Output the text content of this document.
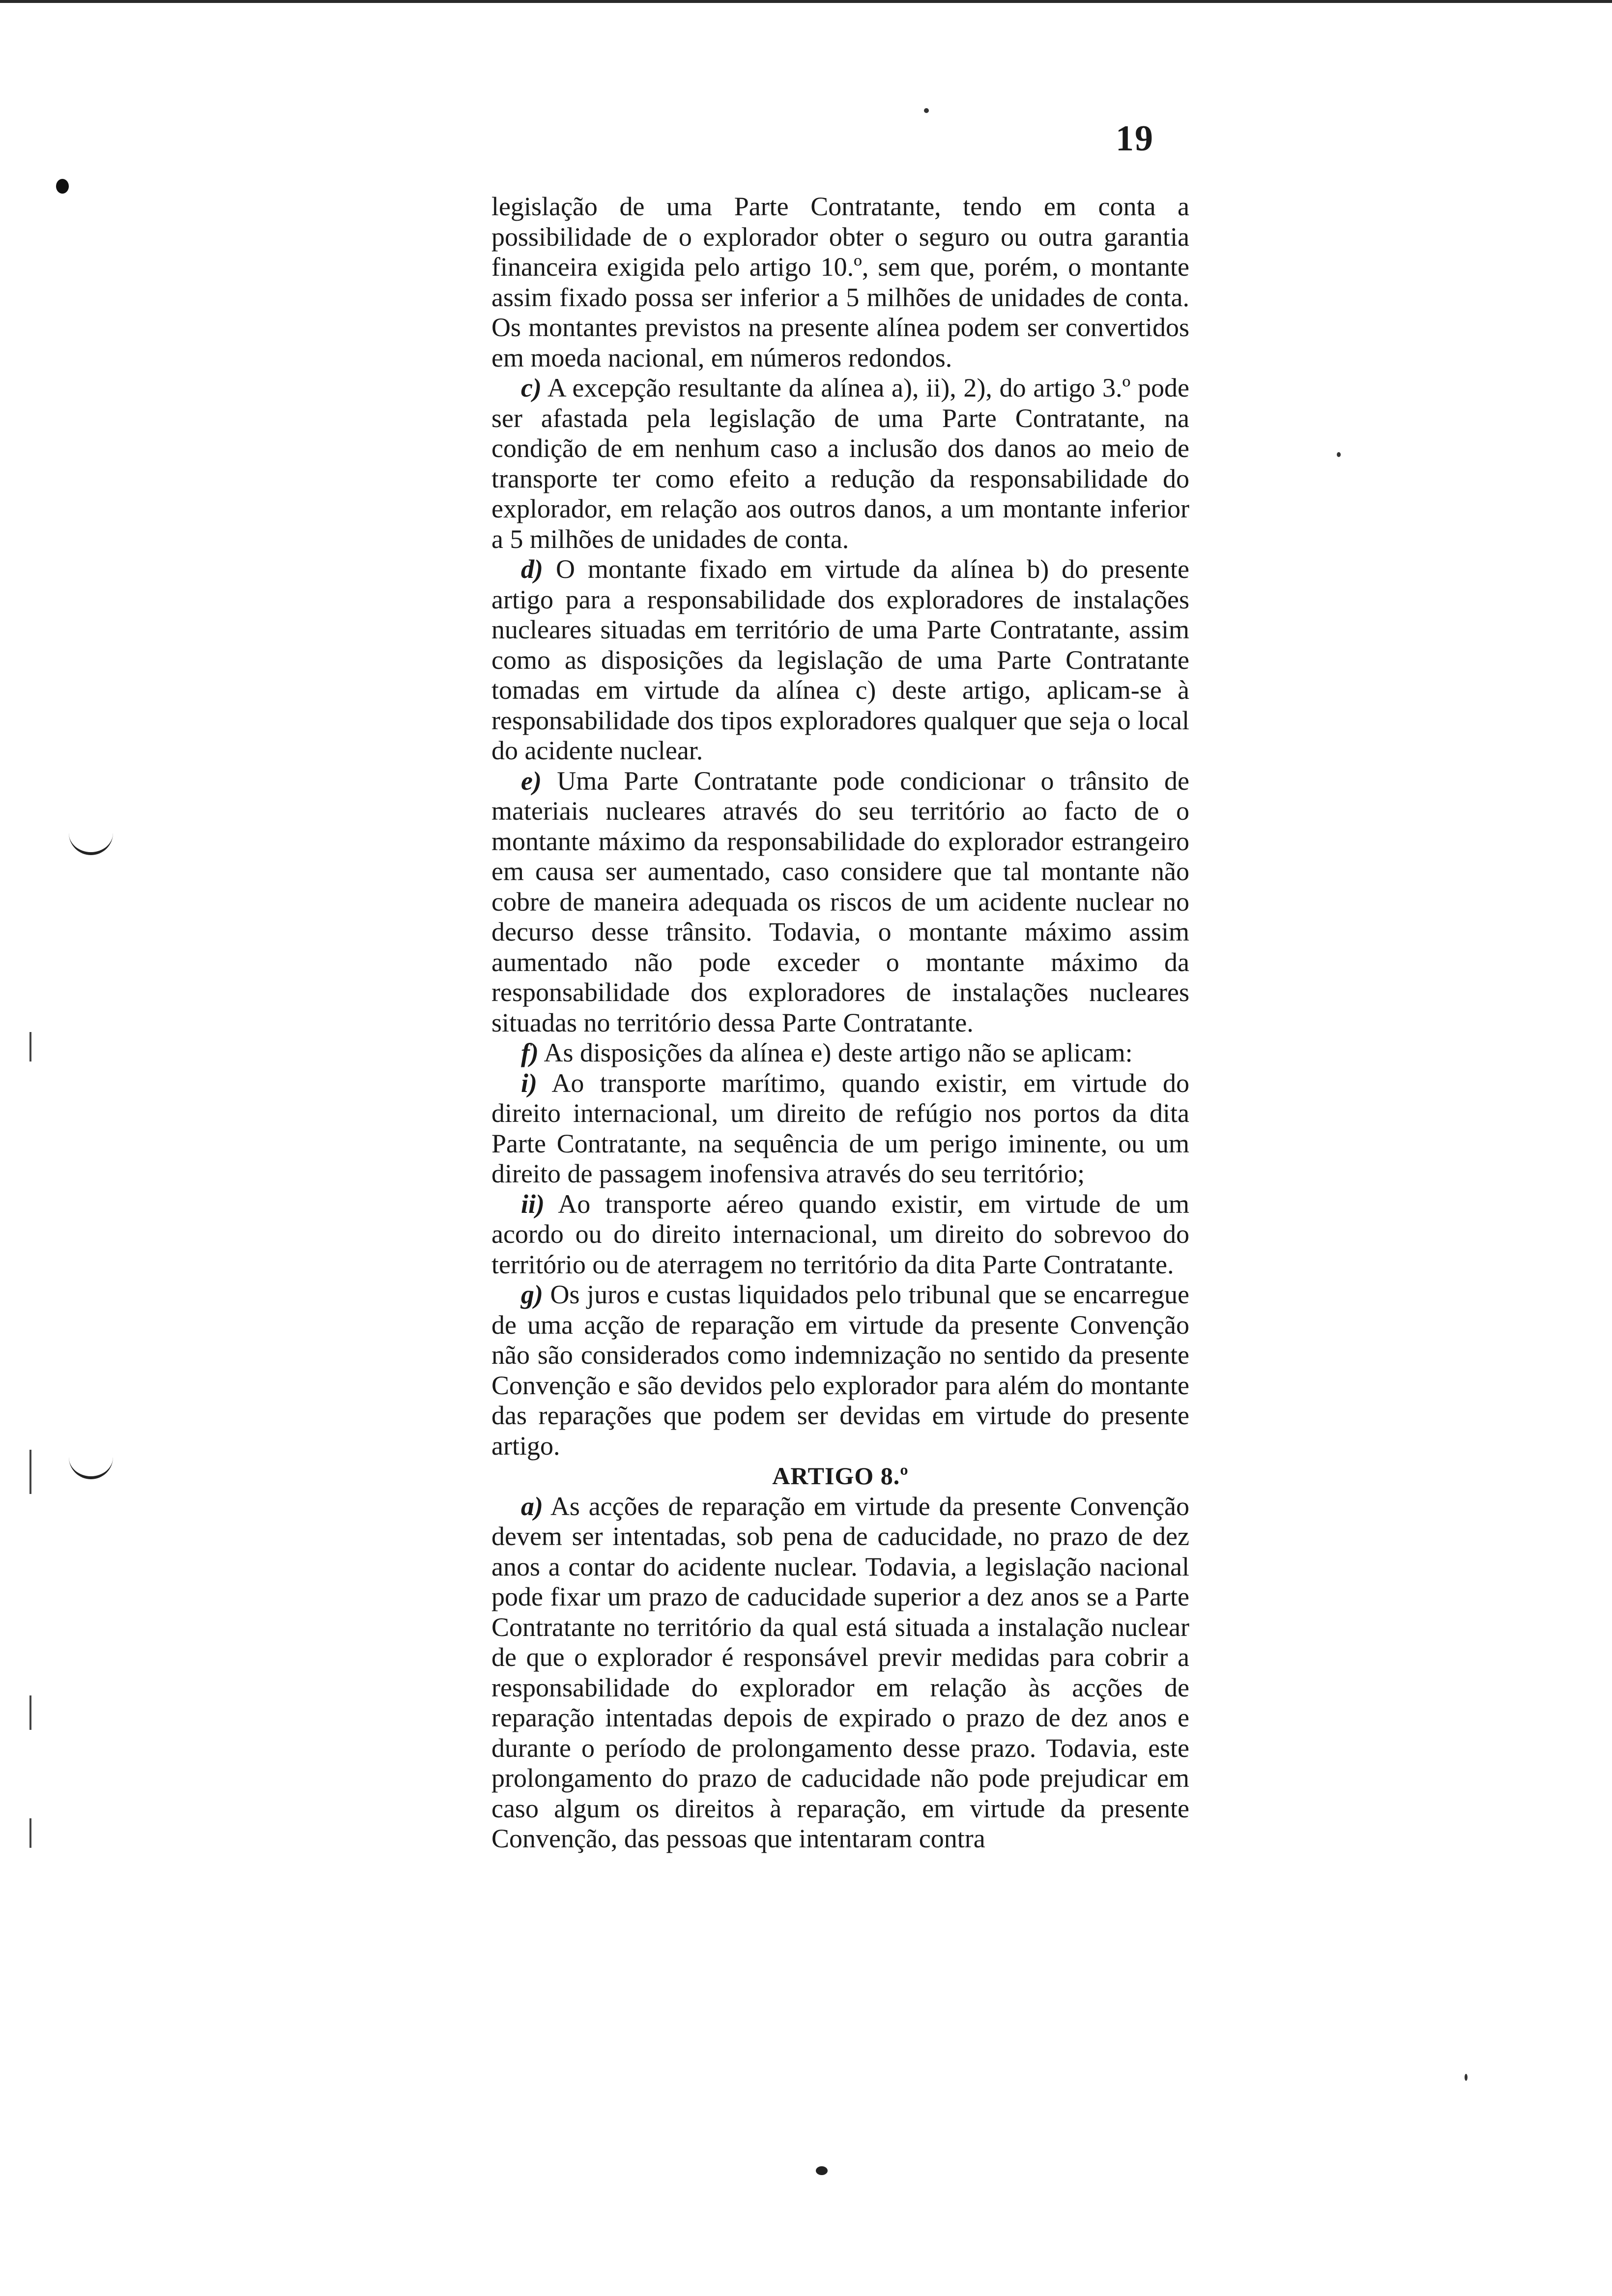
19

legislação de uma Parte Contratante, tendo em conta a possibilidade de o explorador obter o seguro ou outra garantia financeira exigida pelo artigo 10.º, sem que, porém, o montante assim fixado possa ser inferior a 5 milhões de unidades de conta. Os montantes previstos na presente alínea podem ser convertidos em moeda nacional, em números redondos.

c) A excepção resultante da alínea a), ii), 2), do artigo 3.º pode ser afastada pela legislação de uma Parte Contratante, na condição de em nenhum caso a inclusão dos danos ao meio de transporte ter como efeito a redução da responsabilidade do explorador, em relação aos outros danos, a um montante inferior a 5 milhões de unidades de conta.

d) O montante fixado em virtude da alínea b) do presente artigo para a responsabilidade dos exploradores de instalações nucleares situadas em território de uma Parte Contratante, assim como as disposições da legislação de uma Parte Contratante tomadas em virtude da alínea c) deste artigo, aplicam-se à responsabilidade dos tipos exploradores qualquer que seja o local do acidente nuclear.

e) Uma Parte Contratante pode condicionar o trânsito de materiais nucleares através do seu território ao facto de o montante máximo da responsabilidade do explorador estrangeiro em causa ser aumentado, caso considere que tal montante não cobre de maneira adequada os riscos de um acidente nuclear no decurso desse trânsito. Todavia, o montante máximo assim aumentado não pode exceder o montante máximo da responsabilidade dos exploradores de instalações nucleares situadas no território dessa Parte Contratante.

f) As disposições da alínea e) deste artigo não se aplicam:

i) Ao transporte marítimo, quando existir, em virtude do direito internacional, um direito de refúgio nos portos da dita Parte Contratante, na sequência de um perigo iminente, ou um direito de passagem inofensiva através do seu território;

ii) Ao transporte aéreo quando existir, em virtude de um acordo ou do direito internacional, um direito do sobrevoo do território ou de aterragem no território da dita Parte Contratante.

g) Os juros e custas liquidados pelo tribunal que se encarregue de uma acção de reparação em virtude da presente Convenção não são considerados como indemnização no sentido da presente Convenção e são devidos pelo explorador para além do montante das reparações que podem ser devidas em virtude do presente artigo.

ARTIGO 8.º

a) As acções de reparação em virtude da presente Convenção devem ser intentadas, sob pena de caducidade, no prazo de dez anos a contar do acidente nuclear. Todavia, a legislação nacional pode fixar um prazo de caducidade superior a dez anos se a Parte Contratante no território da qual está situada a instalação nuclear de que o explorador é responsável previr medidas para cobrir a responsabilidade do explorador em relação às acções de reparação intentadas depois de expirado o prazo de dez anos e durante o período de prolongamento desse prazo. Todavia, este prolongamento do prazo de caducidade não pode prejudicar em caso algum os direitos à reparação, em virtude da presente Convenção, das pessoas que intentaram contra
